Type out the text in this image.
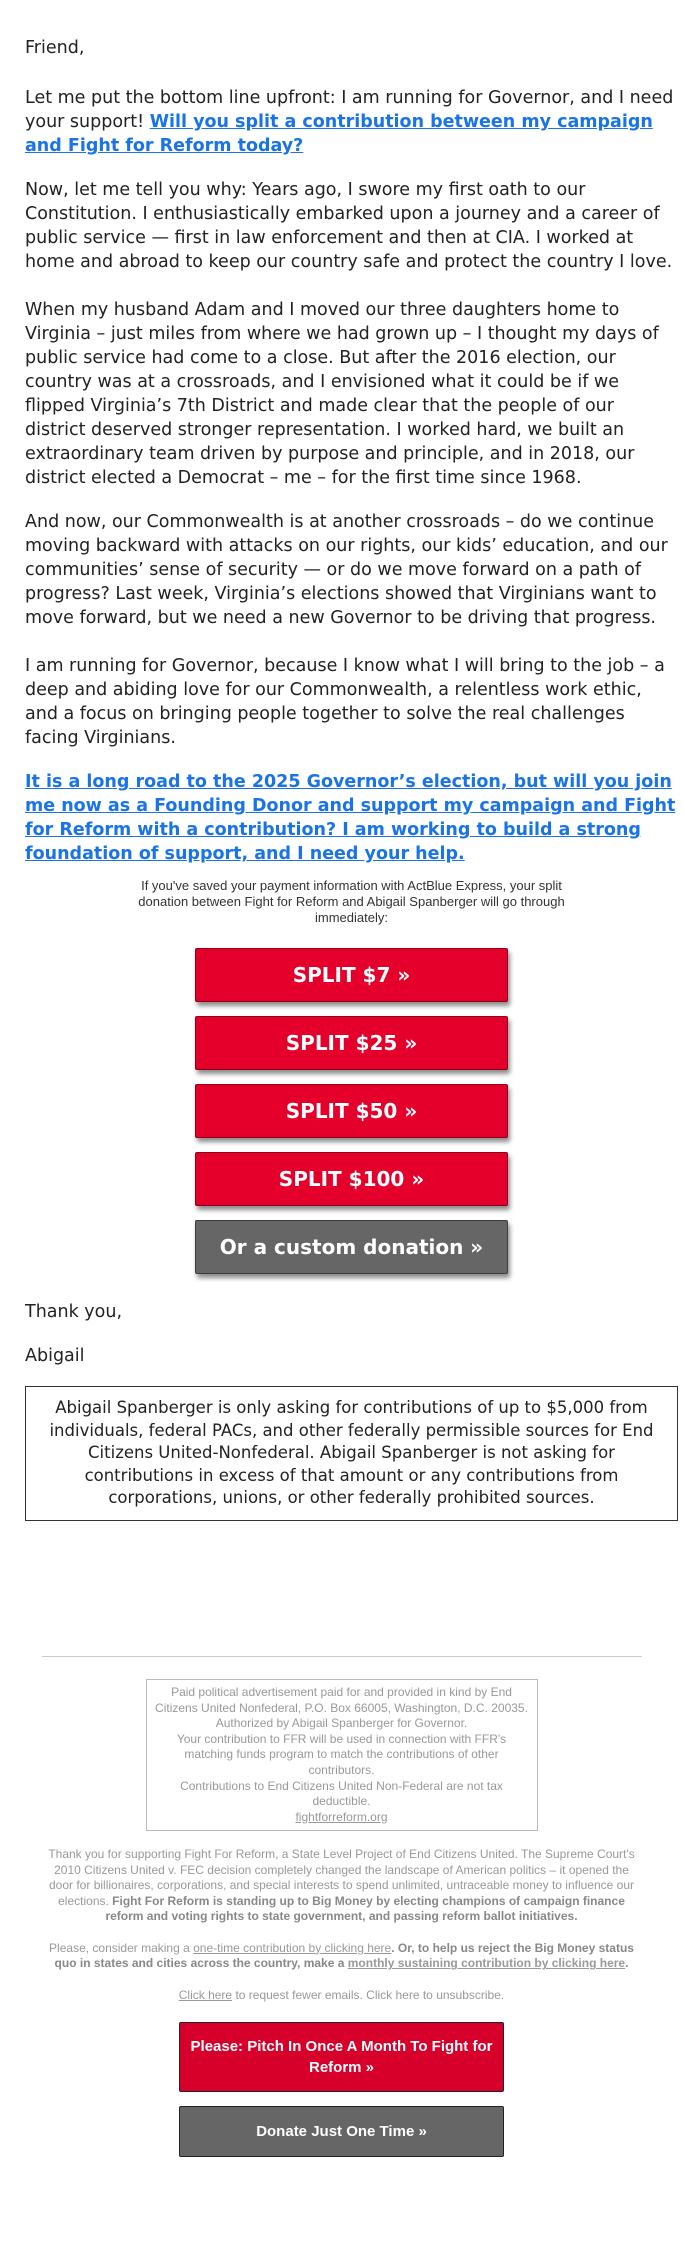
Friend,

Let me put the bottom line upfront: I am running for Governor, and I need your support! Will you split a contribution between my campaign and Fight for Reform today?

Now, let me tell you why: Years ago, I swore my first oath to our Constitution. I enthusiastically embarked upon a journey and a career of public service — first in law enforcement and then at CIA. I worked at home and abroad to keep our country safe and protect the country I love.

When my husband Adam and I moved our three daughters home to Virginia – just miles from where we had grown up – I thought my days of public service had come to a close. But after the 2016 election, our country was at a crossroads, and I envisioned what it could be if we flipped Virginia’s 7th District and made clear that the people of our district deserved stronger representation. I worked hard, we built an extraordinary team driven by purpose and principle, and in 2018, our district elected a Democrat – me – for the first time since 1968.

And now, our Commonwealth is at another crossroads – do we continue moving backward with attacks on our rights, our kids’ education, and our communities’ sense of security — or do we move forward on a path of progress? Last week, Virginia’s elections showed that Virginians want to move forward, but we need a new Governor to be driving that progress.

I am running for Governor, because I know what I will bring to the job – a deep and abiding love for our Commonwealth, a relentless work ethic, and a focus on bringing people together to solve the real challenges facing Virginians.

It is a long road to the 2025 Governor’s election, but will you join me now as a Founding Donor and support my campaign and Fight for Reform with a contribution? I am working to build a strong foundation of support, and I need your help.

If you've saved your payment information with ActBlue Express, your split donation between Fight for Reform and Abigail Spanberger will go through immediately:
SPLIT $7 »
SPLIT $25 »
SPLIT $50 »
SPLIT $100 »
Or a custom donation »

Thank you,

Abigail

Abigail Spanberger is only asking for contributions of up to $5,000 from individuals, federal PACs, and other federally permissible sources for End Citizens United-Nonfederal. Abigail Spanberger is not asking for contributions in excess of that amount or any contributions from corporations, unions, or other federally prohibited sources.
Paid political advertisement paid for and provided in kind by End Citizens United Nonfederal, P.O. Box 66005, Washington, D.C. 20035.
Authorized by Abigail Spanberger for Governor.
Your contribution to FFR will be used in connection with FFR's matching funds program to match the contributions of other contributors.
Contributions to End Citizens United Non-Federal are not tax deductible.
fightforreform.org
Thank you for supporting Fight For Reform, a State Level Project of End Citizens United. The Supreme Court's 2010 Citizens United v. FEC decision completely changed the landscape of American politics – it opened the door for billionaires, corporations, and special interests to spend unlimited, untraceable money to influence our elections. Fight For Reform is standing up to Big Money by electing champions of campaign finance reform and voting rights to state government, and passing reform ballot initiatives.
Please, consider making a one-time contribution by clicking here. Or, to help us reject the Big Money status quo in states and cities across the country, make a monthly sustaining contribution by clicking here.
Click here to request fewer emails. Click here to unsubscribe.
Please: Pitch In Once A Month To Fight for Reform »
Donate Just One Time »
